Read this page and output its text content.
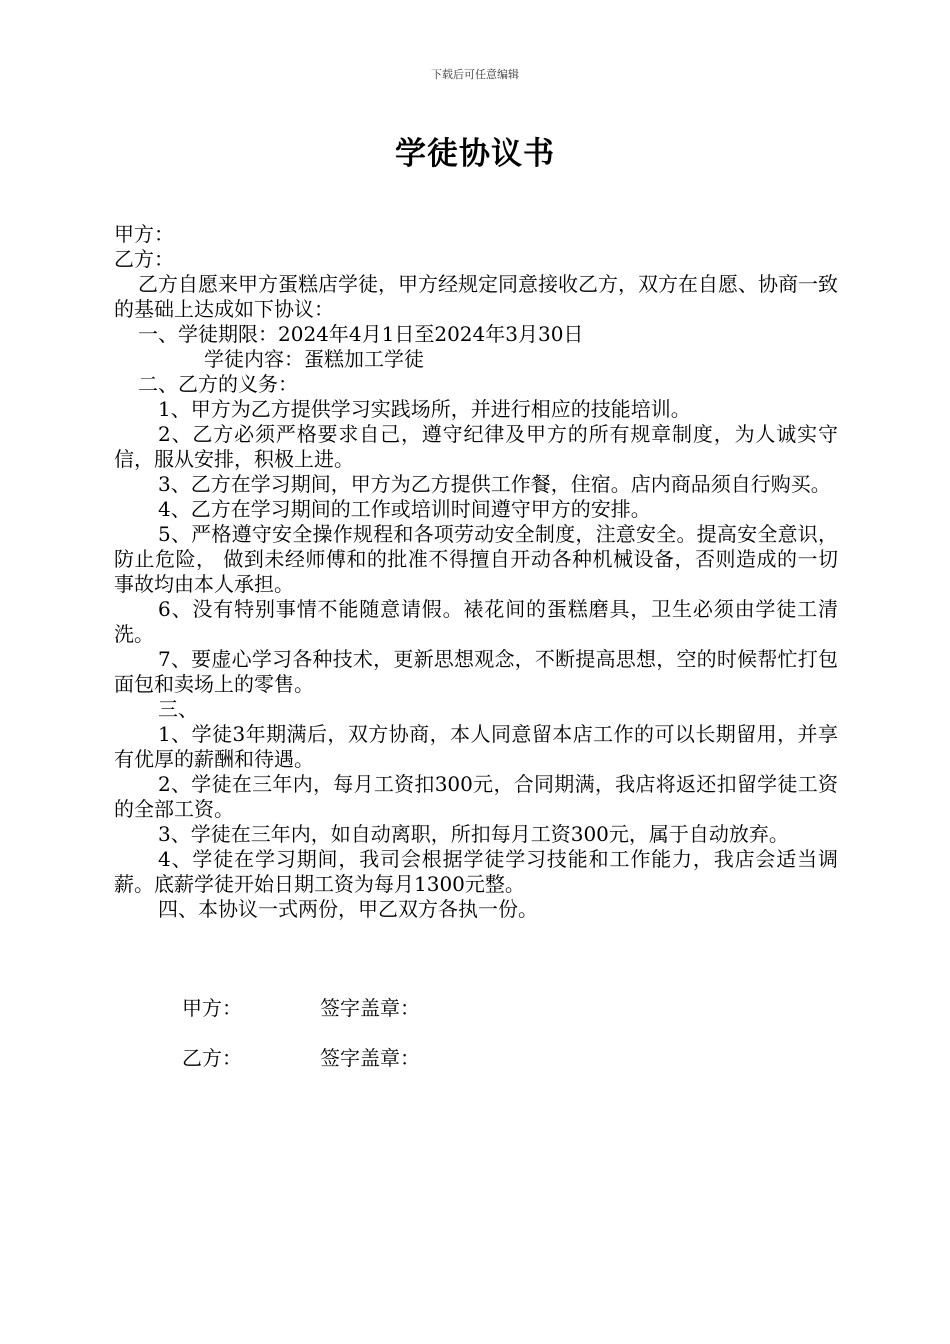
下载后可任意编辑
学徒协议书

甲方：

乙方：

乙方自愿来甲方蛋糕店学徒，甲方经规定同意接收乙方，双方在自愿、协商一致的基础上达成如下协议：

一、学徒期限：2024年4月1日至2024年3月30日

学徒内容：蛋糕加工学徒

二、乙方的义务：

1、甲方为乙方提供学习实践场所，并进行相应的技能培训。

2、乙方必须严格要求自己，遵守纪律及甲方的所有规章制度，为人诚实守信，服从安排，积极上进。

3、乙方在学习期间，甲方为乙方提供工作餐，住宿。店内商品须自行购买。

4、乙方在学习期间的工作或培训时间遵守甲方的安排。

5、严格遵守安全操作规程和各项劳动安全制度，注意安全。提高安全意识，防止危险， 做到未经师傅和的批准不得擅自开动各种机械设备，否则造成的一切事故均由本人承担。

6、没有特别事情不能随意请假。裱花间的蛋糕磨具，卫生必须由学徒工清洗。

7、要虚心学习各种技术，更新思想观念，不断提高思想，空的时候帮忙打包面包和卖场上的零售。

三、

1、学徒3年期满后，双方协商，本人同意留本店工作的可以长期留用，并享有优厚的薪酬和待遇。

2、学徒在三年内，每月工资扣300元，合同期满，我店将返还扣留学徒工资的全部工资。

3、学徒在三年内，如自动离职，所扣每月工资300元，属于自动放弃。

4、学徒在学习期间，我司会根据学徒学习技能和工作能力，我店会适当调薪。底薪学徒开始日期工资为每月1300元整。

四、本协议一式两份，甲乙双方各执一份。

甲方：	签字盖章：
乙方：	签字盖章：
